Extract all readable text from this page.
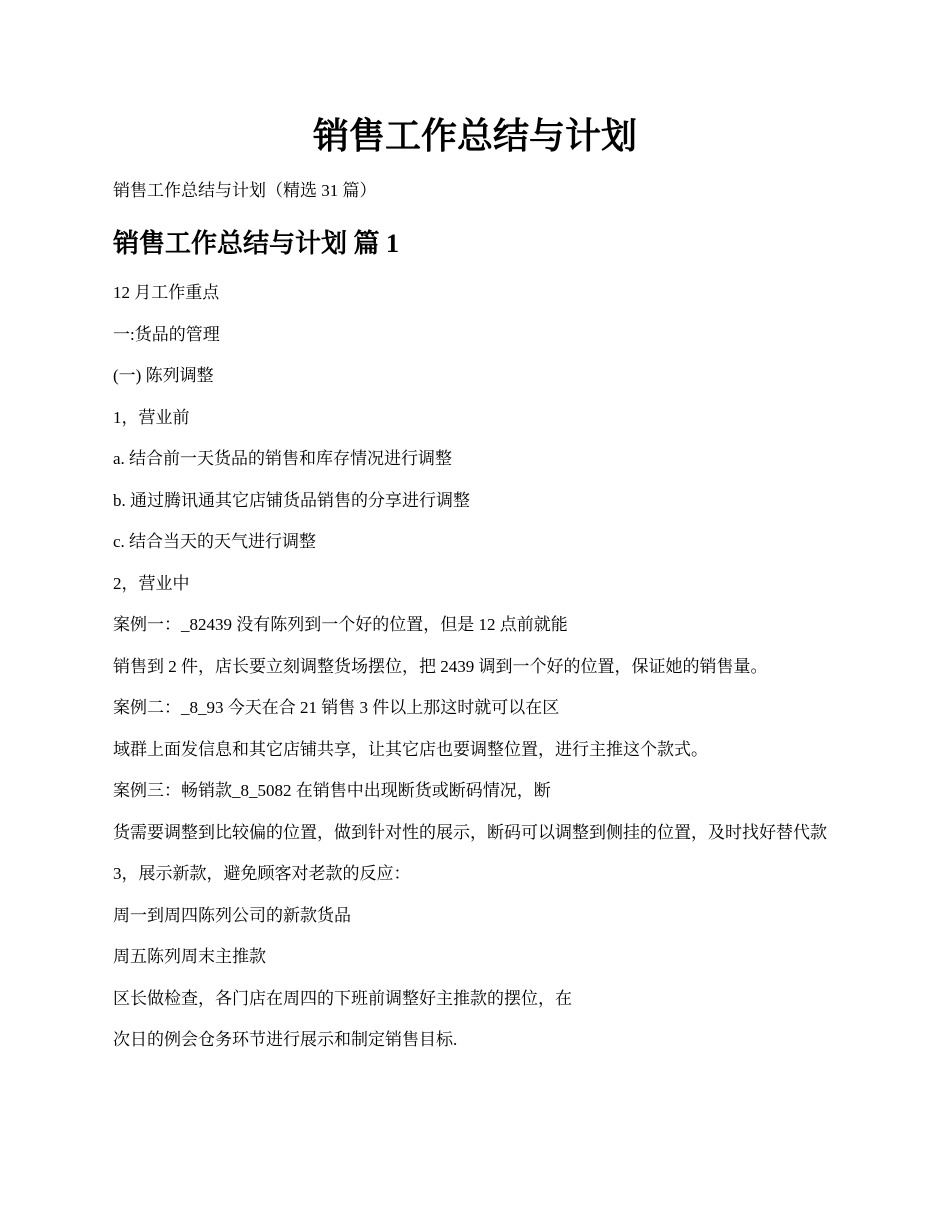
销售工作总结与计划

销售工作总结与计划（精选 31 篇）

销售工作总结与计划 篇 1

12 月工作重点

一:货品的管理

(一) 陈列调整

1，营业前

a. 结合前一天货品的销售和库存情况进行调整

b. 通过腾讯通其它店铺货品销售的分享进行调整

c. 结合当天的天气进行调整

2，营业中

案例一：_82439 没有陈列到一个好的位置，但是 12 点前就能

销售到 2 件，店长要立刻调整货场摆位，把 2439 调到一个好的位置，保证她的销售量。

案例二：_8_93 今天在合 21 销售 3 件以上那这时就可以在区

域群上面发信息和其它店铺共享，让其它店也要调整位置，进行主推这个款式。

案例三：畅销款_8_5082 在销售中出现断货或断码情况，断

货需要调整到比较偏的位置，做到针对性的展示，断码可以调整到侧挂的位置，及时找好替代款

3，展示新款，避免顾客对老款的反应：

周一到周四陈列公司的新款货品

周五陈列周末主推款

区长做检查，各门店在周四的下班前调整好主推款的摆位，在

次日的例会仓务环节进行展示和制定销售目标.
